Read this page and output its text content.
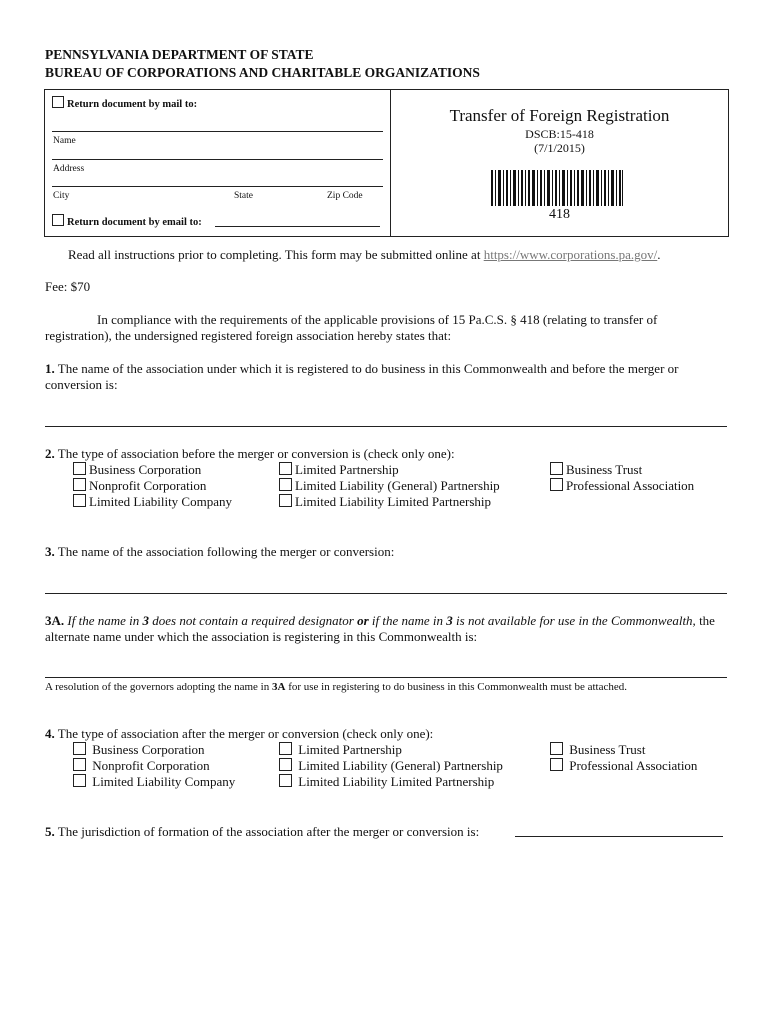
PENNSYLVANIA DEPARTMENT OF STATE
BUREAU OF CORPORATIONS AND CHARITABLE ORGANIZATIONS
Return document by mail to:
Name
Address
City	State	Zip Code
Return document by email to:
Transfer of Foreign Registration
DSCB:15-418
(7/1/2015)
418
Read all instructions prior to completing. This form may be submitted online at https://www.corporations.pa.gov/.
Fee: $70
In compliance with the requirements of the applicable provisions of 15 Pa.C.S. § 418 (relating to transfer of registration), the undersigned registered foreign association hereby states that:
1. The name of the association under which it is registered to do business in this Commonwealth and before the merger or conversion is:
2. The type of association before the merger or conversion is (check only one):
Business Corporation
Nonprofit Corporation
Limited Liability Company
Limited Partnership
Limited Liability (General) Partnership
Limited Liability Limited Partnership
Business Trust
Professional Association
3. The name of the association following the merger or conversion:
3A. If the name in 3 does not contain a required designator or if the name in 3 is not available for use in the Commonwealth, the alternate name under which the association is registering in this Commonwealth is:
A resolution of the governors adopting the name in 3A for use in registering to do business in this Commonwealth must be attached.
4. The type of association after the merger or conversion (check only one):
Business Corporation
Nonprofit Corporation
Limited Liability Company
Limited Partnership
Limited Liability (General) Partnership
Limited Liability Limited Partnership
Business Trust
Professional Association
5. The jurisdiction of formation of the association after the merger or conversion is:
